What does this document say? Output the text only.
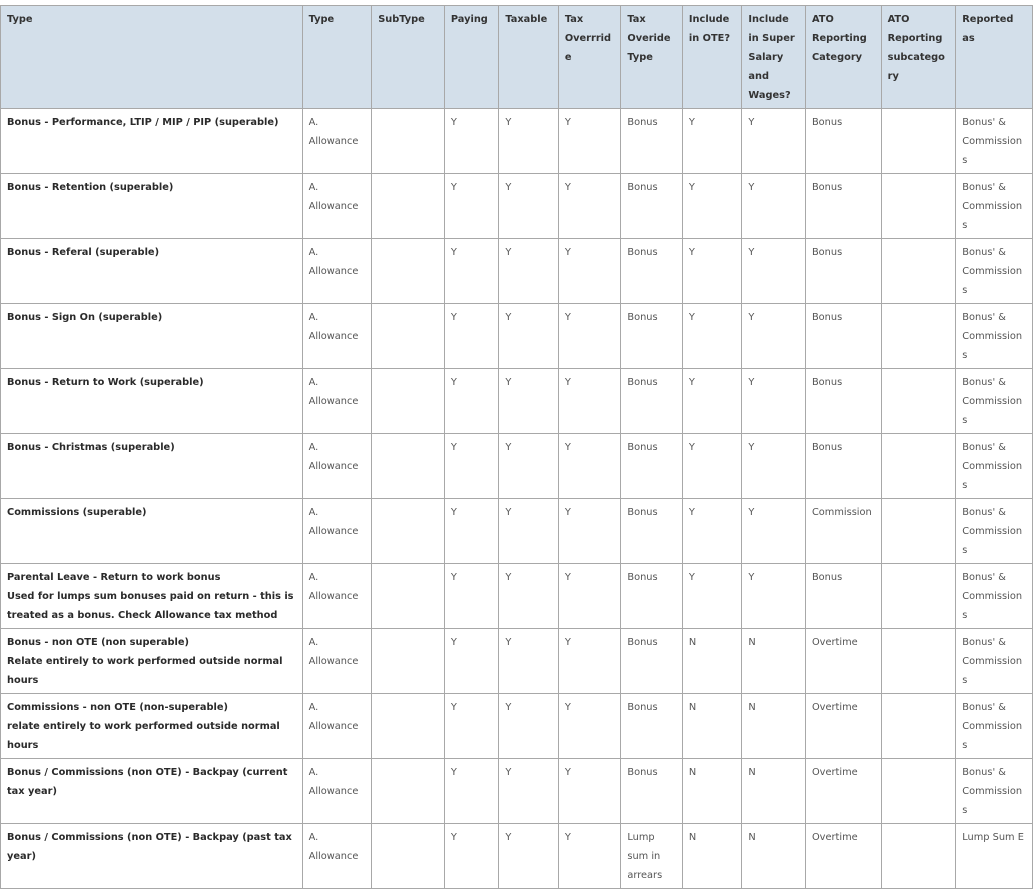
Type	Type	SubType	Paying	Taxable	Tax Overrride	Tax Overide Type	Include in OTE?	Include in Super Salary and Wages?	ATO Reporting Category	ATO Reporting subcategory	Reported as

Bonus - Performance, LTIP / MIP / PIP (superable)	A. Allowance		Y	Y	Y	Bonus	Y	Y	Bonus		Bonus' & Commissions

Bonus - Retention (superable)	A. Allowance		Y	Y	Y	Bonus	Y	Y	Bonus		Bonus' & Commissions

Bonus - Referal (superable)	A. Allowance		Y	Y	Y	Bonus	Y	Y	Bonus		Bonus' & Commissions

Bonus - Sign On (superable)	A. Allowance		Y	Y	Y	Bonus	Y	Y	Bonus		Bonus' & Commissions

Bonus - Return to Work (superable)	A. Allowance		Y	Y	Y	Bonus	Y	Y	Bonus		Bonus' & Commissions

Bonus - Christmas (superable)	A. Allowance		Y	Y	Y	Bonus	Y	Y	Bonus		Bonus' & Commissions

Commissions (superable)	A. Allowance		Y	Y	Y	Bonus	Y	Y	Commission		Bonus' & Commissions

Parental Leave - Return to work bonus
Used for lumps sum bonuses paid on return - this is treated as a bonus. Check Allowance tax method	A. Allowance		Y	Y	Y	Bonus	Y	Y	Bonus		Bonus' & Commissions

Bonus - non OTE (non superable)
Relate entirely to work performed outside normal hours	A. Allowance		Y	Y	Y	Bonus	N	N	Overtime		Bonus' & Commissions

Commissions - non OTE (non-superable)
relate entirely to work performed outside normal hours	A. Allowance		Y	Y	Y	Bonus	N	N	Overtime		Bonus' & Commissions

Bonus / Commissions (non OTE) - Backpay (current tax year)	A. Allowance		Y	Y	Y	Bonus	N	N	Overtime		Bonus' & Commissions

Bonus / Commissions (non OTE) - Backpay (past tax year)	A. Allowance		Y	Y	Y	Lump sum in arrears	N	N	Overtime		Lump Sum E
